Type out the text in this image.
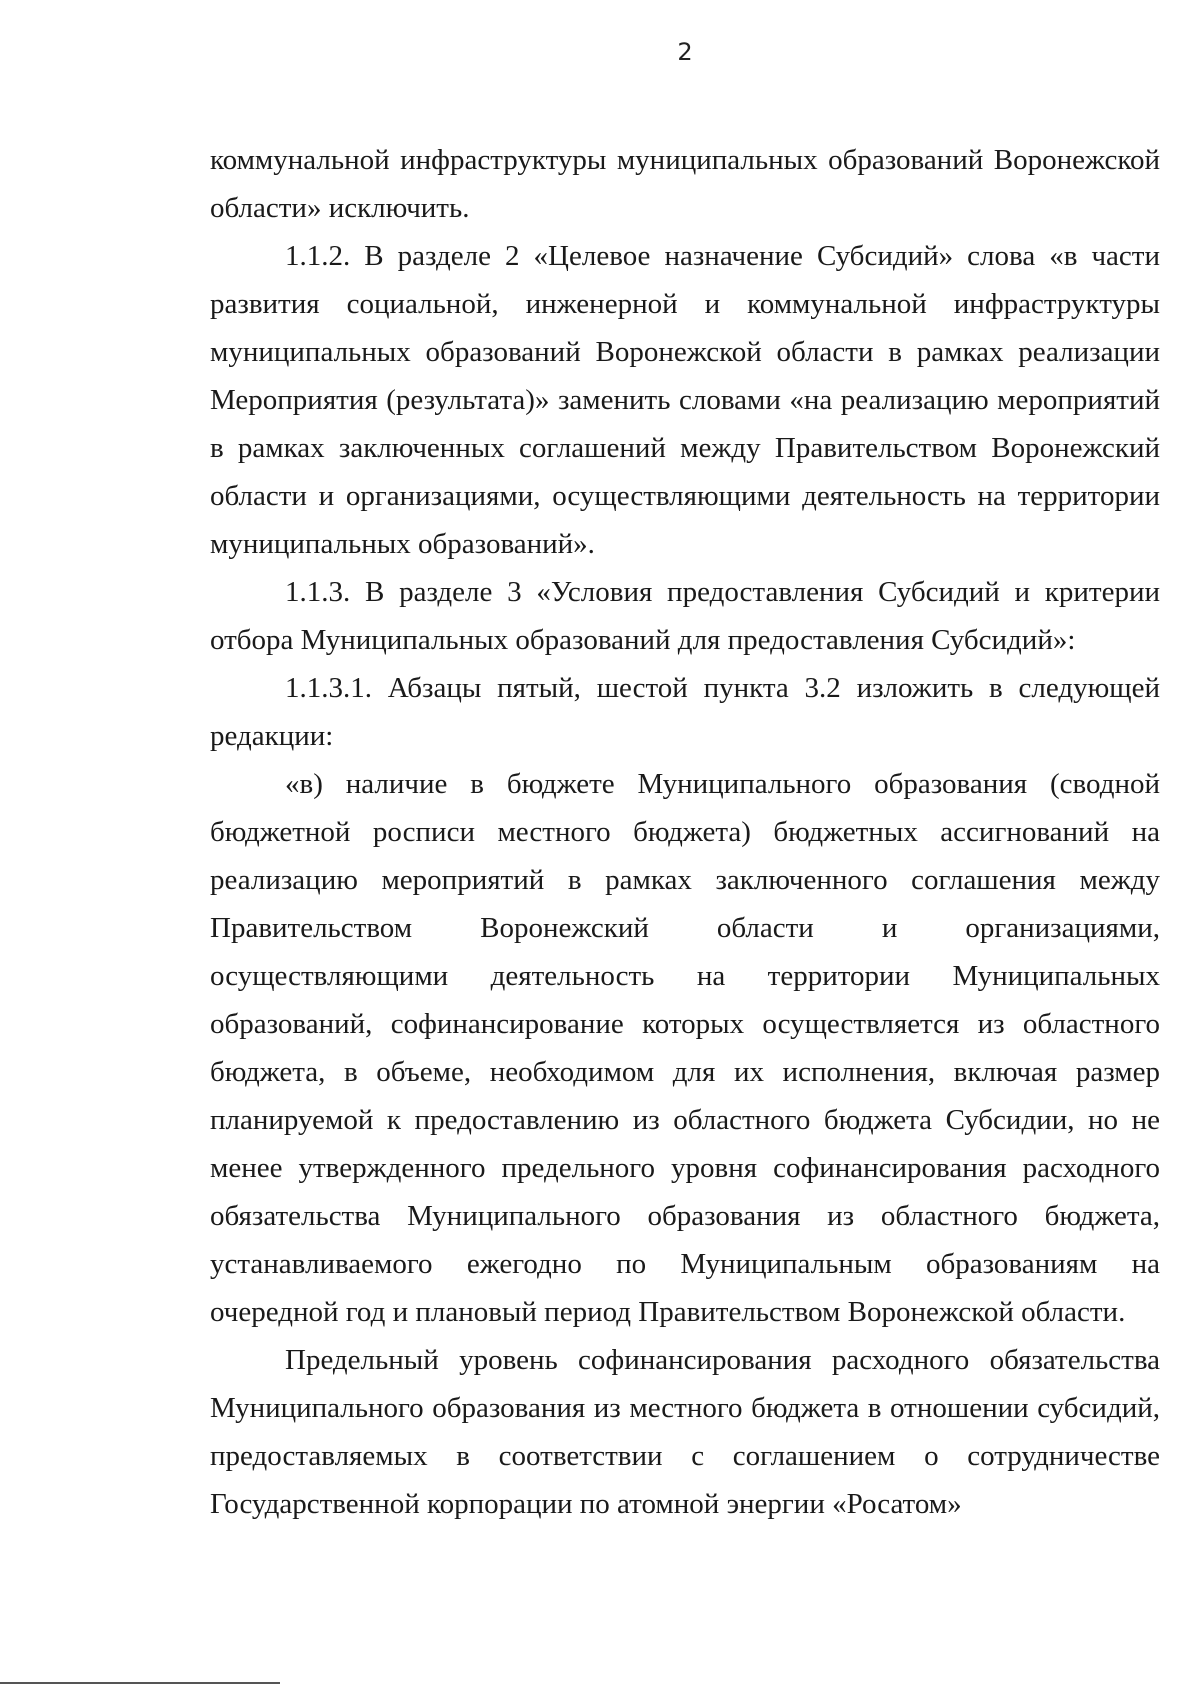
2

коммунальной инфраструктуры муниципальных образований Воронежской области» исключить.

1.1.2. В разделе 2 «Целевое назначение Субсидий» слова «в части развития социальной, инженерной и коммунальной инфраструктуры муниципальных образований Воронежской области в рамках реализации Мероприятия (результата)» заменить словами «на реализацию мероприятий в рамках заключенных соглашений между Правительством Воронежский области и организациями, осуществляющими деятельность на территории муниципальных образований».

1.1.3. В разделе 3 «Условия предоставления Субсидий и критерии отбора Муниципальных образований для предоставления Субсидий»:

1.1.3.1. Абзацы пятый, шестой пункта 3.2 изложить в следующей редакции:

«в) наличие в бюджете Муниципального образования (сводной бюджетной росписи местного бюджета) бюджетных ассигнований на реализацию мероприятий в рамках заключенного соглашения между Правительством Воронежский области и организациями, осуществляющими деятельность на территории Муниципальных образований, софинансирование которых осуществляется из областного бюджета, в объеме, необходимом для их исполнения, включая размер планируемой к предоставлению из областного бюджета Субсидии, но не менее утвержденного предельного уровня софинансирования расходного обязательства Муниципального образования из областного бюджета, устанавливаемого ежегодно по Муниципальным образованиям на очередной год и плановый период Правительством Воронежской области.

Предельный уровень софинансирования расходного обязательства Муниципального образования из местного бюджета в отношении субсидий, предоставляемых в соответствии с соглашением о сотрудничестве Государственной корпорации по атомной энергии «Росатом»
